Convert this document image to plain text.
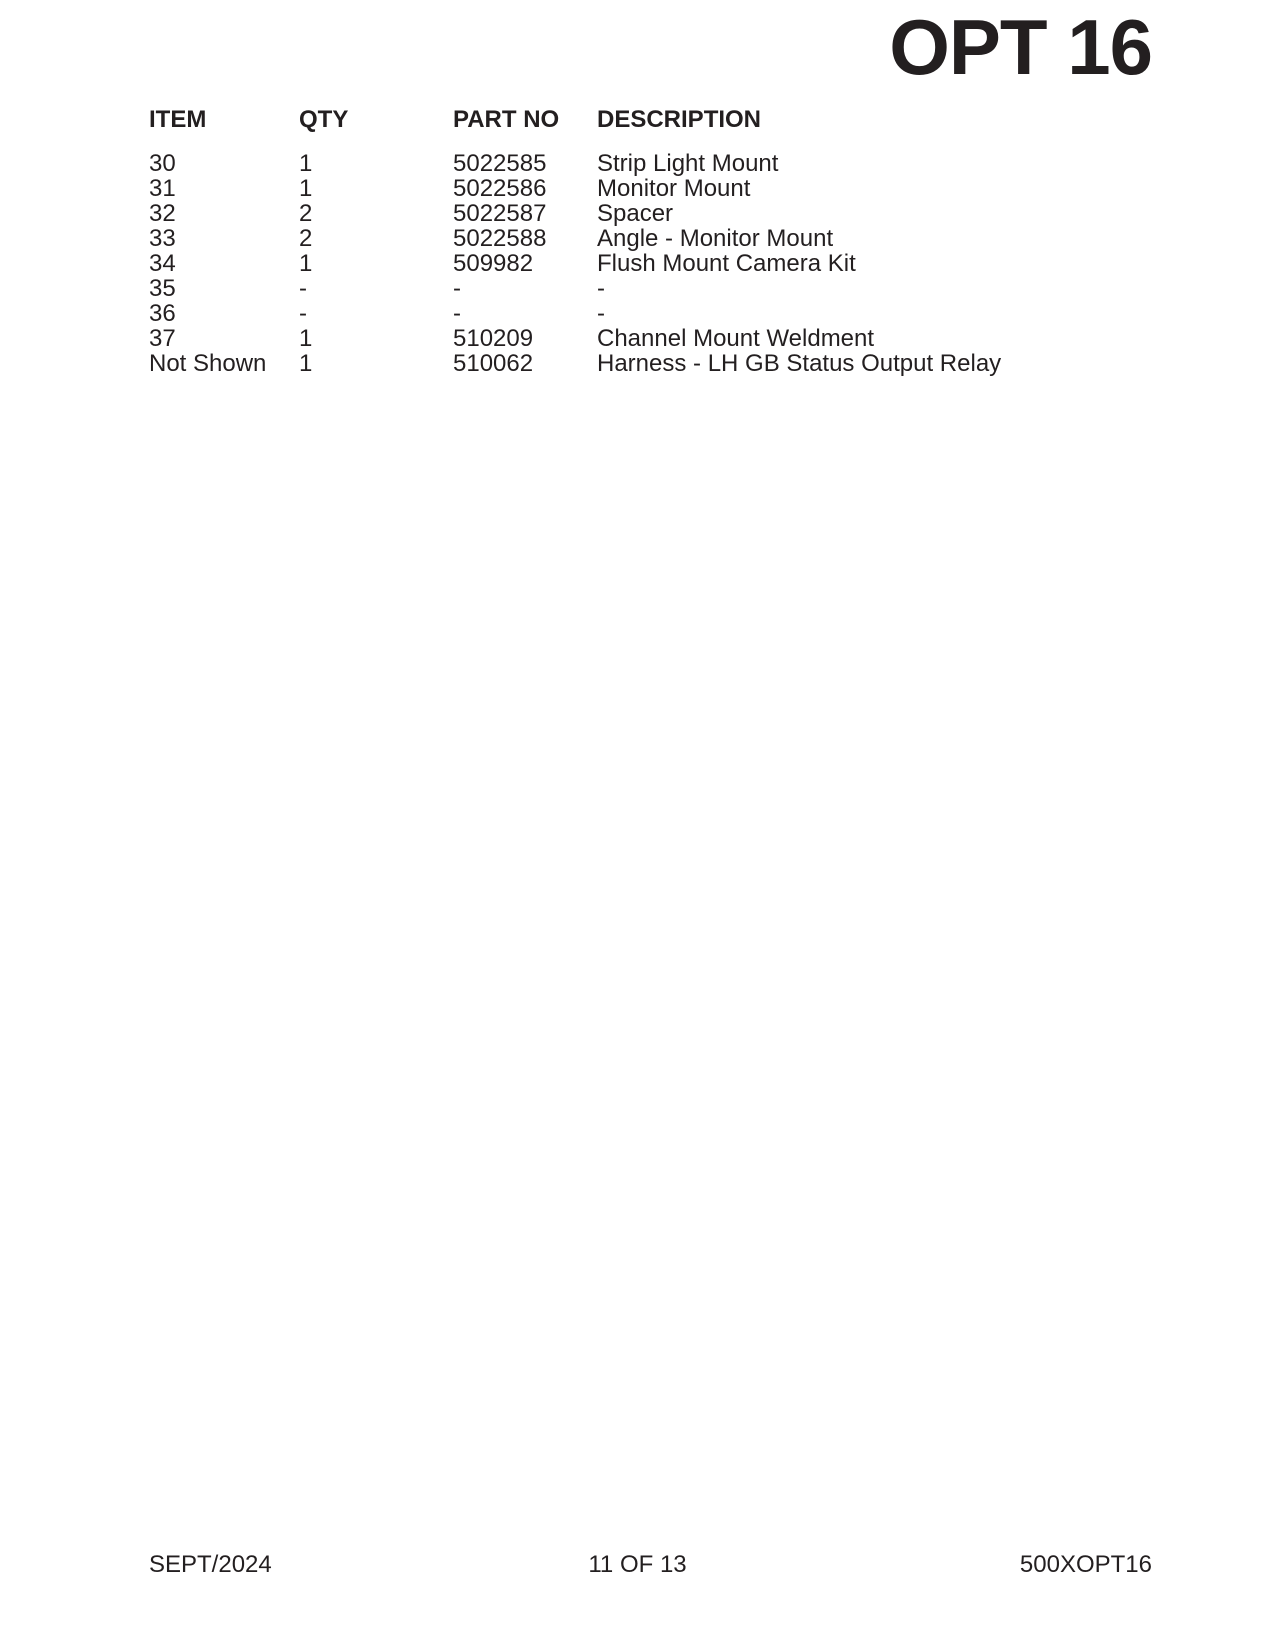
OPT 16
ITEM	QTY	PART NO	DESCRIPTION
30	1	5022585	Strip Light Mount
31	1	5022586	Monitor Mount
32	2	5022587	Spacer
33	2	5022588	Angle - Monitor Mount
34	1	509982	Flush Mount Camera Kit
35	-	-	-
36	-	-	-
37	1	510209	Channel Mount Weldment
Not Shown	1	510062	Harness - LH GB Status Output Relay
SEPT/2024	11 OF 13	500XOPT16
